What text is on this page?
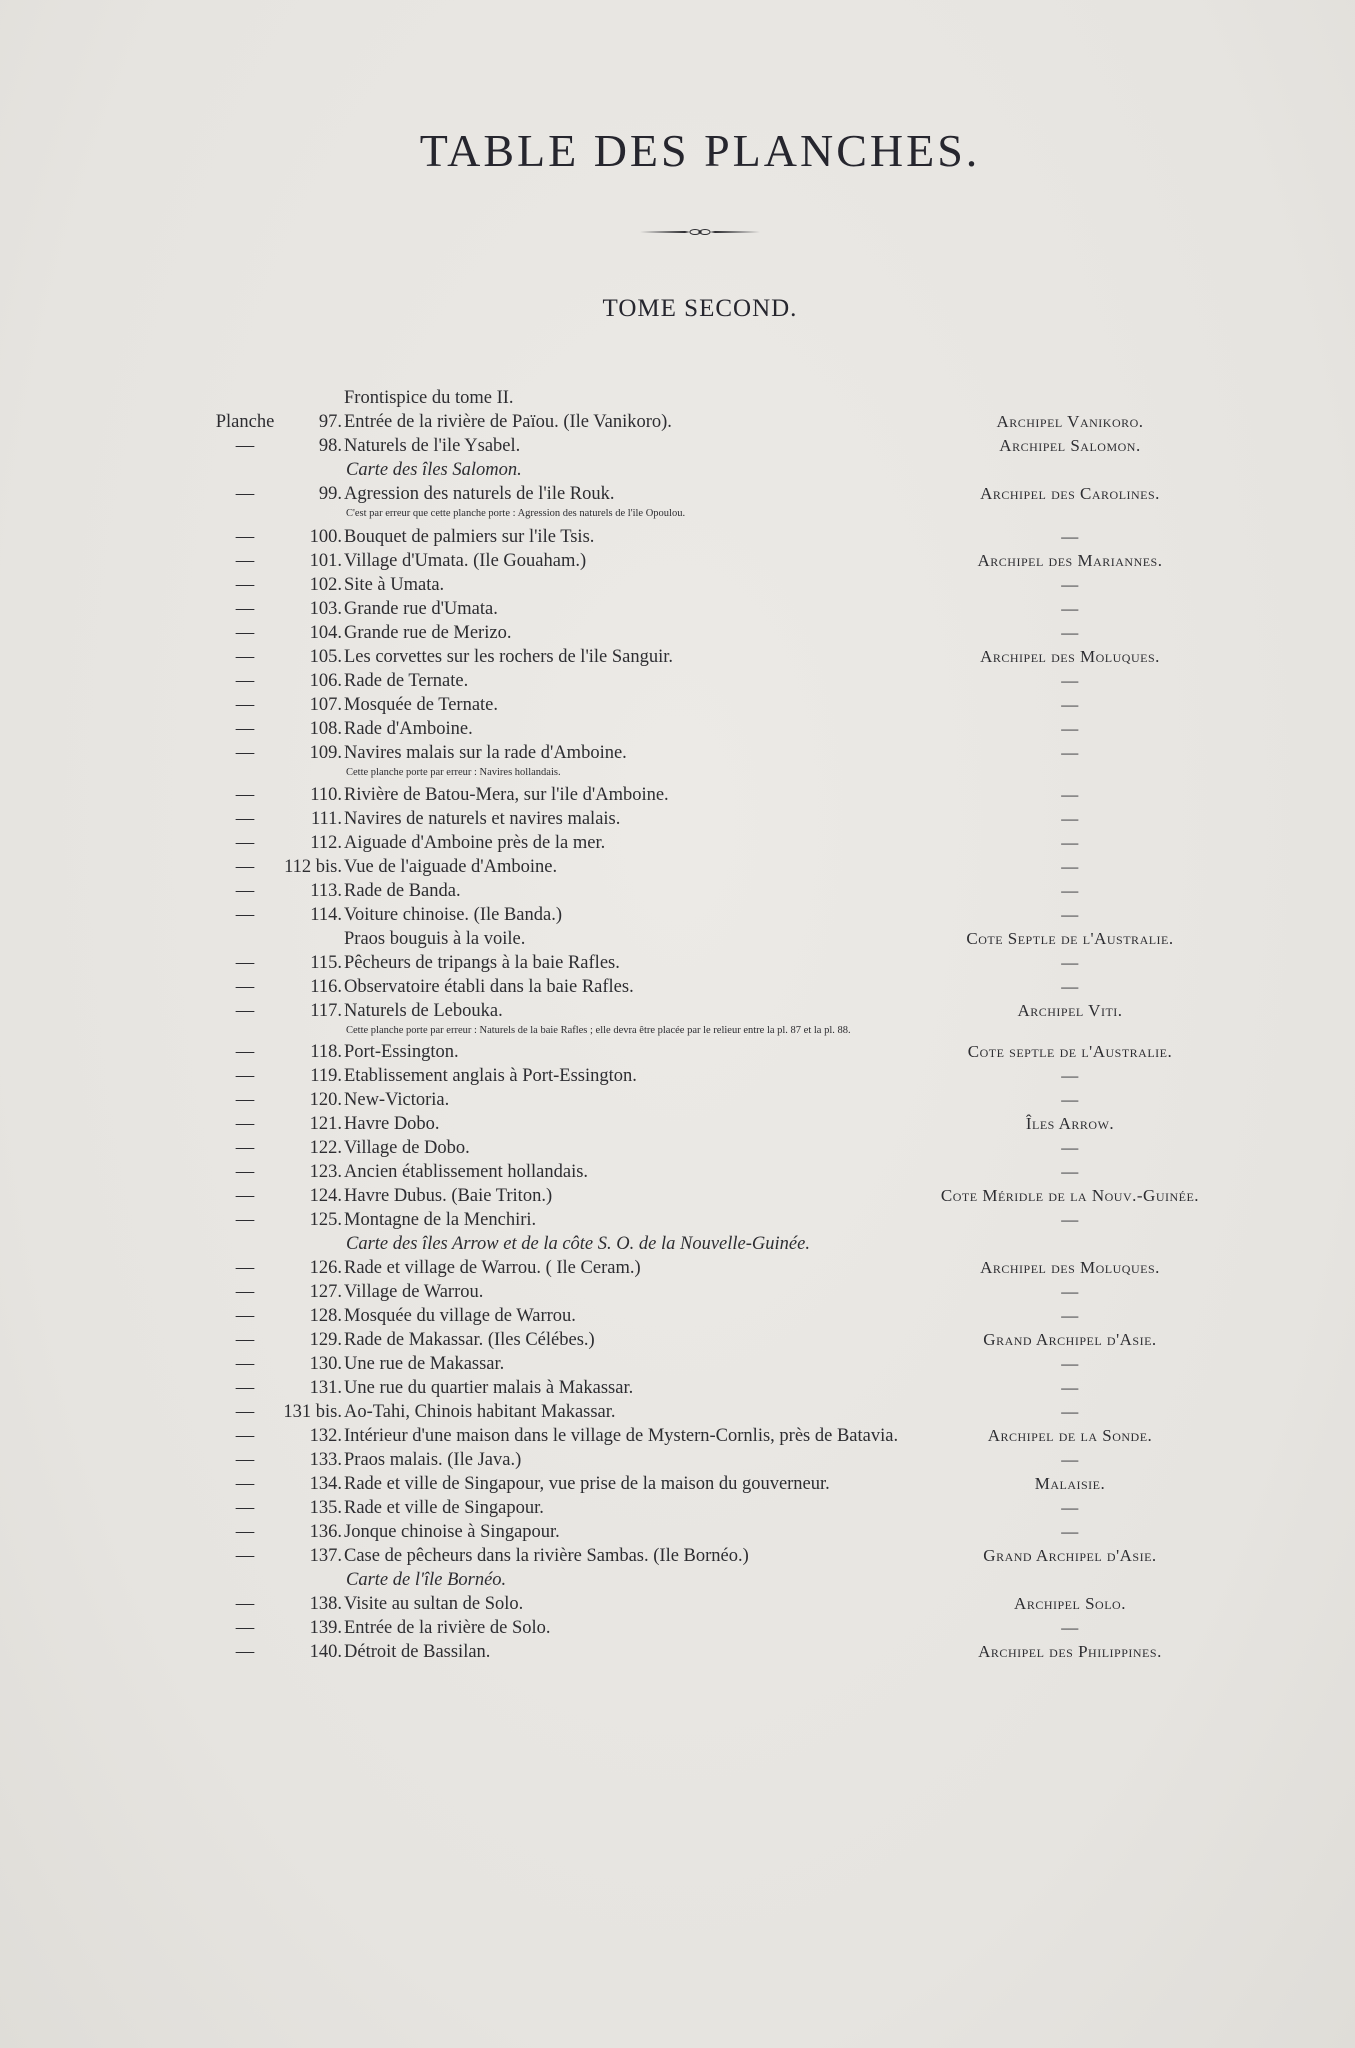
TABLE DES PLANCHES.
TOME SECOND.
Frontispice du tome II.
Planche	97. Entrée de la rivière de Païou. (Ile Vanikoro).	Archipel Vanikoro.
—	98. Naturels de l'ile Ysabel.	Archipel Salomon.
Carte des îles Salomon.
—	99. Agression des naturels de l'ile Rouk.	Archipel des Carolines.
C'est par erreur que cette planche porte : Agression des naturels de l'ile Opoulou.
—	100. Bouquet de palmiers sur l'ile Tsis.	—
—	101. Village d'Umata. (Ile Gouaham.)	Archipel des Mariannes.
—	102. Site à Umata.	—
—	103. Grande rue d'Umata.	—
—	104. Grande rue de Merizo.	—
—	105. Les corvettes sur les rochers de l'ile Sanguir.	Archipel des Moluques.
—	106. Rade de Ternate.	—
—	107. Mosquée de Ternate.	—
—	108. Rade d'Amboine.	—
—	109. Navires malais sur la rade d'Amboine.	—
Cette planche porte par erreur : Navires hollandais.
—	110. Rivière de Batou-Mera, sur l'ile d'Amboine.	—
—	111. Navires de naturels et navires malais.	—
—	112. Aiguade d'Amboine près de la mer.	—
—	112 bis. Vue de l'aiguade d'Amboine.	—
—	113. Rade de Banda.	—
—	114. Voiture chinoise. (Ile Banda.)	—
Praos bouguis à la voile.	Cote Septle de l'Australie.
—	115. Pêcheurs de tripangs à la baie Rafles.	—
—	116. Observatoire établi dans la baie Rafles.	—
—	117. Naturels de Lebouka.	Archipel Viti.
Cette planche porte par erreur : Naturels de la baie Rafles ; elle devra être placée par le relieur entre la pl. 87 et la pl. 88.
—	118. Port-Essington.	Cote septle de l'Australie.
—	119. Etablissement anglais à Port-Essington.	—
—	120. New-Victoria.	—
—	121. Havre Dobo.	Îles Arrow.
—	122. Village de Dobo.	—
—	123. Ancien établissement hollandais.	—
—	124. Havre Dubus. (Baie Triton.)	Cote Méridle de la Nouv.-Guinée.
—	125. Montagne de la Menchiri.	—
Carte des îles Arrow et de la côte S. O. de la Nouvelle-Guinée.
—	126. Rade et village de Warrou. ( Ile Ceram.)	Archipel des Moluques.
—	127. Village de Warrou.	—
—	128. Mosquée du village de Warrou.	—
—	129. Rade de Makassar. (Iles Célébes.)	Grand Archipel d'Asie.
—	130. Une rue de Makassar.	—
—	131. Une rue du quartier malais à Makassar.	—
—	131 bis. Ao-Tahi, Chinois habitant Makassar.	—
—	132. Intérieur d'une maison dans le village de Mystern-Cornlis, près de Batavia.	Archipel de la Sonde.
—	133. Praos malais. (Ile Java.)	—
—	134. Rade et ville de Singapour, vue prise de la maison du gouverneur.	Malaisie.
—	135. Rade et ville de Singapour.	—
—	136. Jonque chinoise à Singapour.	—
—	137. Case de pêcheurs dans la rivière Sambas. (Ile Bornéo.)	Grand Archipel d'Asie.
Carte de l'île Bornéo.
—	138. Visite au sultan de Solo.	Archipel Solo.
—	139. Entrée de la rivière de Solo.	—
—	140. Détroit de Bassilan.	Archipel des Philippines.
